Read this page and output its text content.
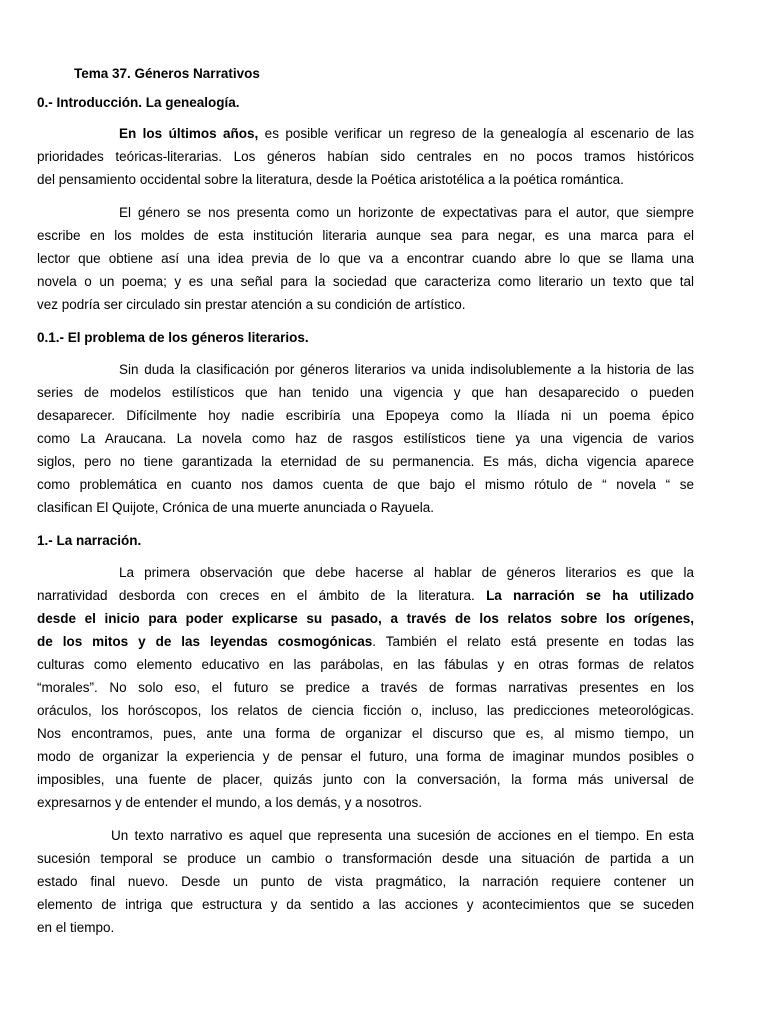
Tema 37. Géneros Narrativos
0.- Introducción. La genealogía.
En los últimos años, es posible verificar un regreso de la genealogía al escenario de las
prioridades teóricas-literarias. Los géneros habían sido centrales en no pocos tramos históricos
del pensamiento occidental sobre la literatura, desde la Poética aristotélica a la poética romántica.
El género se nos presenta como un horizonte de expectativas para el autor, que siempre
escribe en los moldes de esta institución literaria aunque sea para negar, es una marca para el
lector que obtiene así una idea previa de lo que va a encontrar cuando abre lo que se llama una
novela o un poema; y es una señal para la sociedad que caracteriza como literario un texto que tal
vez podría ser circulado sin prestar atención a su condición de artístico.
0.1.- El problema de los géneros literarios.
Sin duda la clasificación por géneros literarios va unida indisolublemente a la historia de las
series de modelos estilísticos que han tenido una vigencia y que han desaparecido o pueden
desaparecer. Difícilmente hoy nadie escribiría una Epopeya como la Ilíada ni un poema épico
como La Araucana. La novela como haz de rasgos estilísticos tiene ya una vigencia de varios
siglos, pero no tiene garantizada la eternidad de su permanencia. Es más, dicha vigencia aparece
como problemática en cuanto nos damos cuenta de que bajo el mismo rótulo de “ novela “ se
clasifican El Quijote, Crónica de una muerte anunciada o Rayuela.
1.- La narración.
La primera observación que debe hacerse al hablar de géneros literarios es que la
narratividad desborda con creces en el ámbito de la literatura. La narración se ha utilizado
desde el inicio para poder explicarse su pasado, a través de los relatos sobre los orígenes,
de los mitos y de las leyendas cosmogónicas. También el relato está presente en todas las
culturas como elemento educativo en las parábolas, en las fábulas y en otras formas de relatos
“morales”. No solo eso, el futuro se predice a través de formas narrativas presentes en los
oráculos, los horóscopos, los relatos de ciencia ficción o, incluso, las predicciones meteorológicas.
Nos encontramos, pues, ante una forma de organizar el discurso que es, al mismo tiempo, un
modo de organizar la experiencia y de pensar el futuro, una forma de imaginar mundos posibles o
imposibles, una fuente de placer, quizás junto con la conversación, la forma más universal de
expresarnos y de entender el mundo, a los demás, y a nosotros.
Un texto narrativo es aquel que representa una sucesión de acciones en el tiempo. En esta
sucesión temporal se produce un cambio o transformación desde una situación de partida a un
estado final nuevo. Desde un punto de vista pragmático, la narración requiere contener un
elemento de intriga que estructura y da sentido a las acciones y acontecimientos que se suceden
en el tiempo.
